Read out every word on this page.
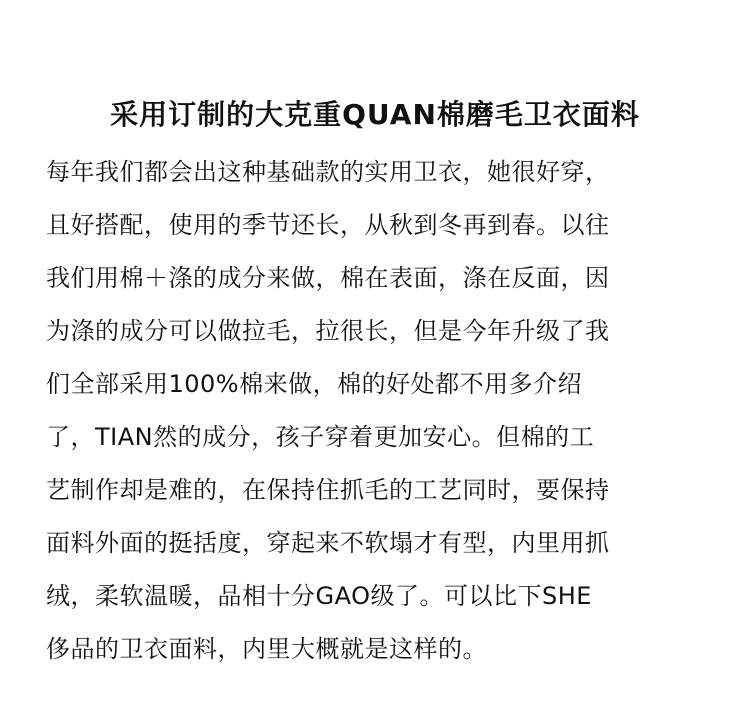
采用订制的大克重QUAN棉磨毛卫衣面料
每年我们都会出这种基础款的实用卫衣，她很好穿，
且好搭配，使用的季节还长，从秋到冬再到春。以往
我们用棉＋涤的成分来做，棉在表面，涤在反面，因
为涤的成分可以做拉毛，拉很长，但是今年升级了我
们全部采用100%棉来做，棉的好处都不用多介绍
了，TIAN然的成分，孩子穿着更加安心。但棉的工
艺制作却是难的，在保持住抓毛的工艺同时，要保持
面料外面的挺括度，穿起来不软塌才有型，内里用抓
绒，柔软温暖，品相十分GAO级了。可以比下SHE
侈品的卫衣面料，内里大概就是这样的。
